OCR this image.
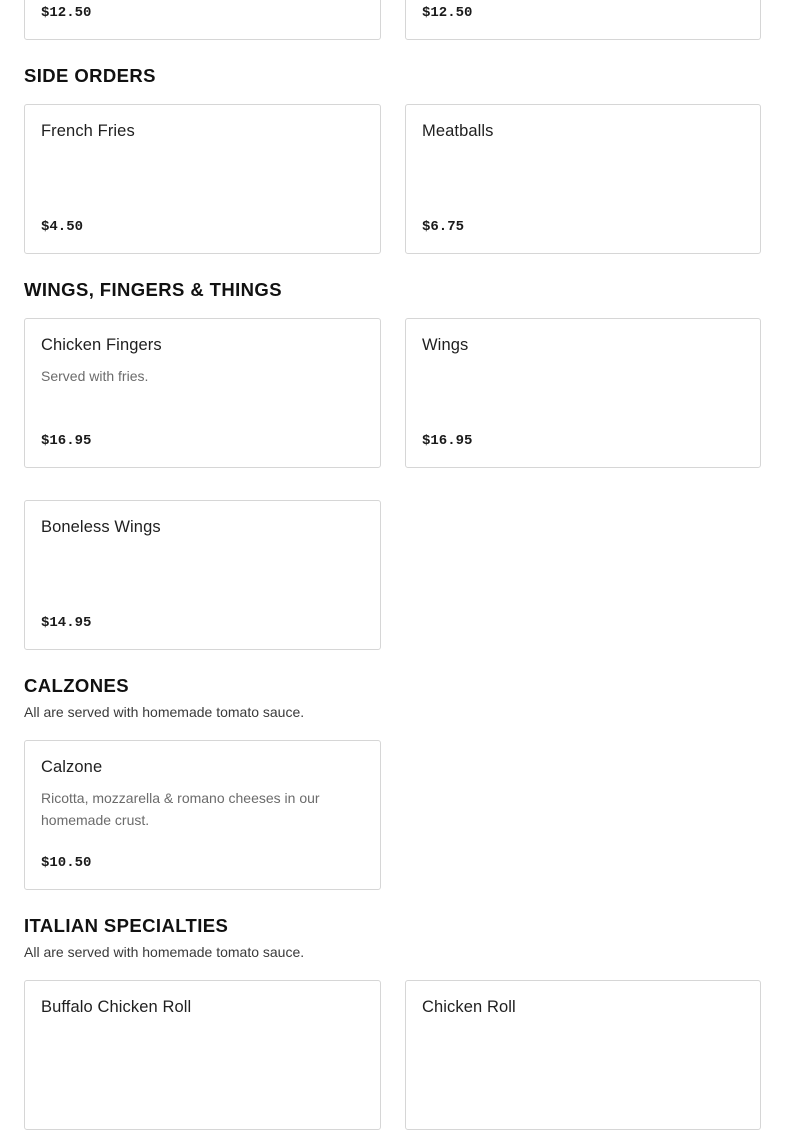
$12.50	$12.50
SIDE ORDERS
French Fries
$4.50
Meatballs
$6.75
WINGS, FINGERS & THINGS
Chicken Fingers
Served with fries.
$16.95
Wings
$16.95
Boneless Wings
$14.95
CALZONES
All are served with homemade tomato sauce.
Calzone
Ricotta, mozzarella & romano cheeses in our homemade crust.
$10.50
ITALIAN SPECIALTIES
All are served with homemade tomato sauce.
Buffalo Chicken Roll	Chicken Roll
